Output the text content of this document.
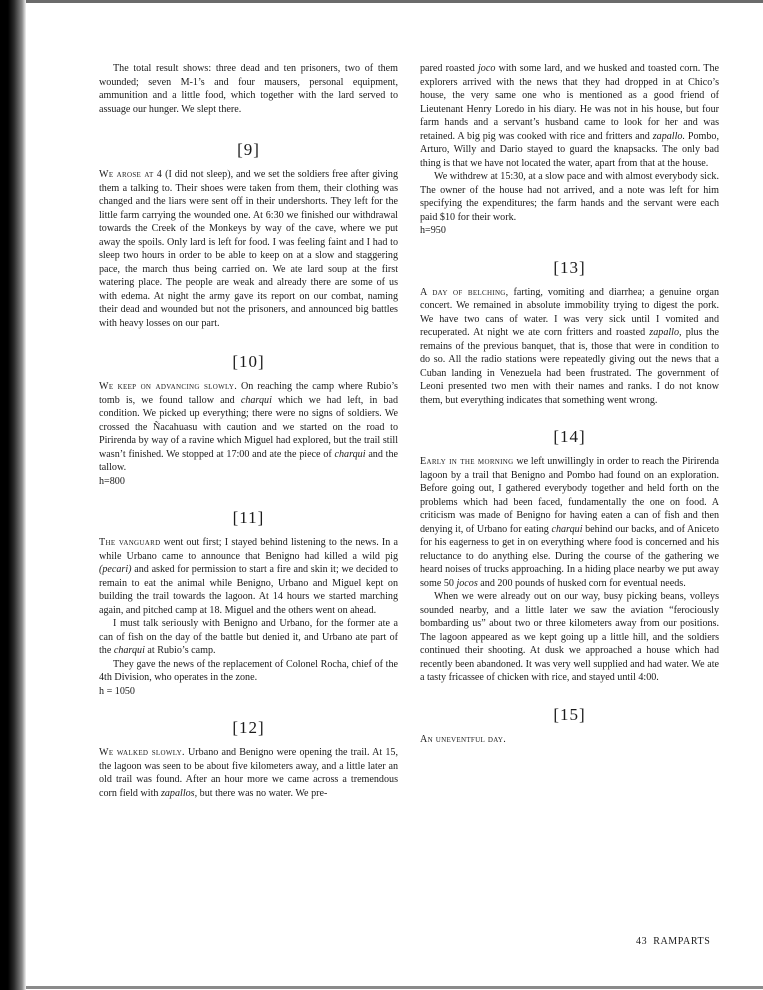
The total result shows: three dead and ten prisoners, two of them wounded; seven M-1’s and four mausers, personal equipment, ammunition and a little food, which together with the lard served to assuage our hunger. We slept there.

[9]

We arose at 4 (I did not sleep), and we set the soldiers free after giving them a talking to. Their shoes were taken from them, their clothing was changed and the liars were sent off in their undershorts. They left for the little farm carrying the wounded one. At 6:30 we finished our withdrawal towards the Creek of the Monkeys by way of the cave, where we put away the spoils. Only lard is left for food. I was feeling faint and I had to sleep two hours in order to be able to keep on at a slow and staggering pace, the march thus being carried on. We ate lard soup at the first watering place. The people are weak and already there are some of us with edema. At night the army gave its report on our combat, naming their dead and wounded but not the prisoners, and announced big battles with heavy losses on our part.

[10]

We keep on advancing slowly. On reaching the camp where Rubio’s tomb is, we found tallow and charqui which we had left, in bad condition. We picked up everything; there were no signs of soldiers. We crossed the Ñacahuasu with caution and we started on the road to Pirirenda by way of a ravine which Miguel had explored, but the trail still wasn’t finished. We stopped at 17:00 and ate the piece of charqui and the tallow.

h=800

[11]

The vanguard went out first; I stayed behind listening to the news. In a while Urbano came to announce that Benigno had killed a wild pig (pecari) and asked for permission to start a fire and skin it; we decided to remain to eat the animal while Benigno, Urbano and Miguel kept on building the trail towards the lagoon. At 14 hours we started marching again, and pitched camp at 18. Miguel and the others went on ahead.

I must talk seriously with Benigno and Urbano, for the former ate a can of fish on the day of the battle but denied it, and Urbano ate part of the charqui at Rubio’s camp.

They gave the news of the replacement of Colonel Rocha, chief of the 4th Division, who operates in the zone.

h = 1050

[12]

We walked slowly. Urbano and Benigno were opening the trail. At 15, the lagoon was seen to be about five kilometers away, and a little later an old trail was found. After an hour more we came across a tremendous corn field with zapallos, but there was no water. We pre-

pared roasted joco with some lard, and we husked and toasted corn. The explorers arrived with the news that they had dropped in at Chico’s house, the very same one who is mentioned as a good friend of Lieutenant Henry Loredo in his diary. He was not in his house, but four farm hands and a servant’s husband came to look for her and was retained. A big pig was cooked with rice and fritters and zapallo. Pombo, Arturo, Willy and Dario stayed to guard the knapsacks. The only bad thing is that we have not located the water, apart from that at the house.

We withdrew at 15:30, at a slow pace and with almost everybody sick. The owner of the house had not arrived, and a note was left for him specifying the expenditures; the farm hands and the servant were each paid $10 for their work.

h=950

[13]

A day of belching, farting, vomiting and diarrhea; a genuine organ concert. We remained in absolute immobility trying to digest the pork. We have two cans of water. I was very sick until I vomited and recuperated. At night we ate corn fritters and roasted zapallo, plus the remains of the previous banquet, that is, those that were in condition to do so. All the radio stations were repeatedly giving out the news that a Cuban landing in Venezuela had been frustrated. The government of Leoni presented two men with their names and ranks. I do not know them, but everything indicates that something went wrong.

[14]

Early in the morning we left unwillingly in order to reach the Pirirenda lagoon by a trail that Benigno and Pombo had found on an exploration. Before going out, I gathered everybody together and held forth on the problems which had been faced, fundamentally the one on food. A criticism was made of Benigno for having eaten a can of fish and then denying it, of Urbano for eating charqui behind our backs, and of Aniceto for his eagerness to get in on everything where food is concerned and his reluctance to do anything else. During the course of the gathering we heard noises of trucks approaching. In a hiding place nearby we put away some 50 jocos and 200 pounds of husked corn for eventual needs.

When we were already out on our way, busy picking beans, volleys sounded nearby, and a little later we saw the aviation “ferociously bombarding us” about two or three kilometers away from our positions. The lagoon appeared as we kept going up a little hill, and the soldiers continued their shooting. At dusk we approached a house which had recently been abandoned. It was very well supplied and had water. We ate a tasty fricassee of chicken with rice, and stayed until 4:00.

[15]

An uneventful day.

43 RAMPARTS
